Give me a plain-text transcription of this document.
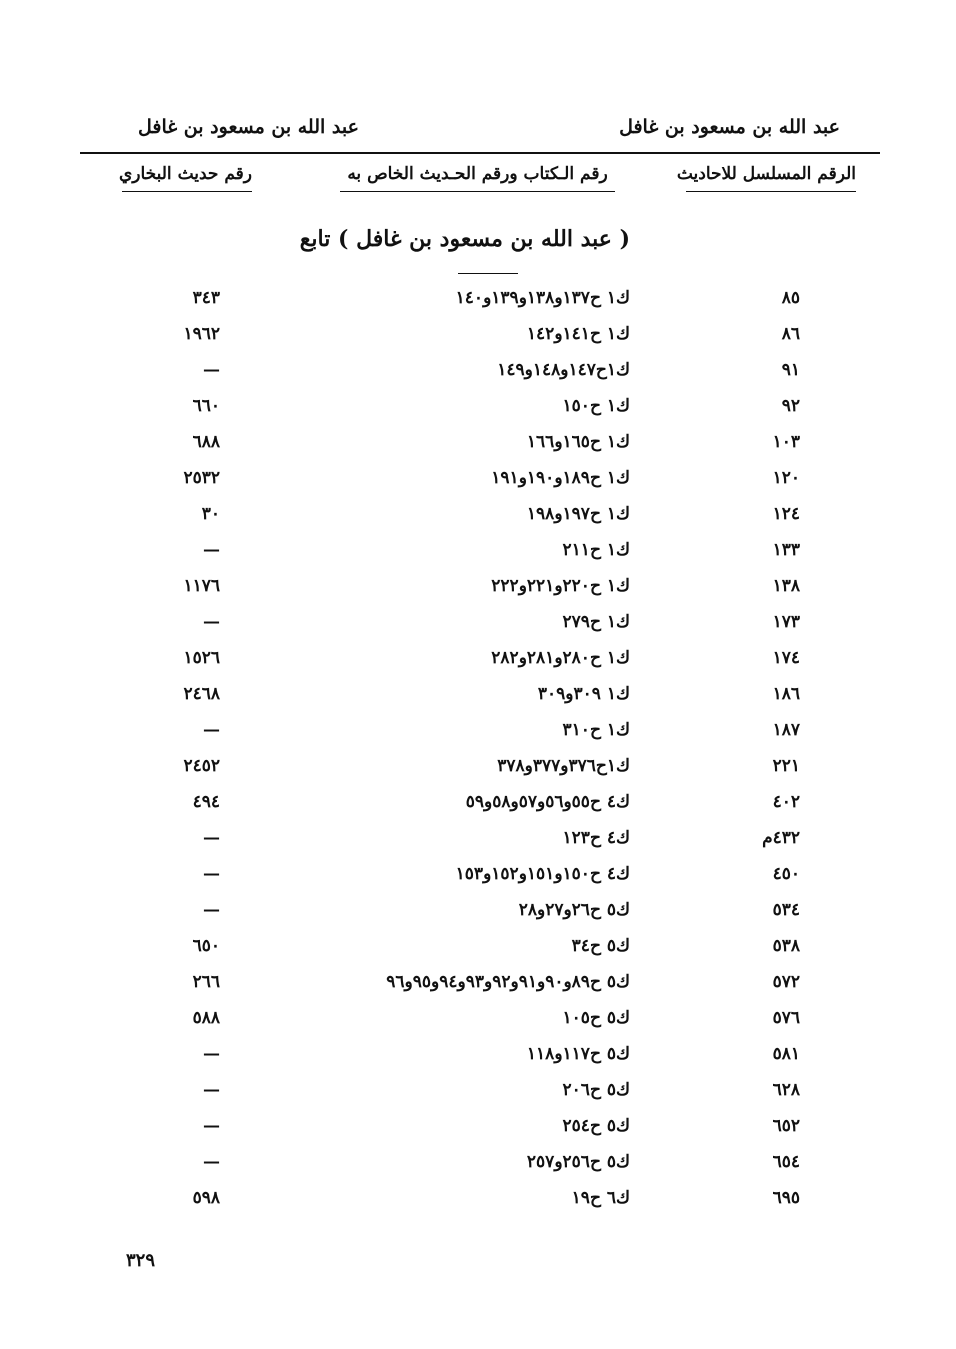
عبد الله بن مسعود بن غافل
عبد الله بن مسعود بن غافل
الرقم المسلسل للاحاديث
رقم الـكتاب ورقم الحـديث الخاص به
رقم حديث البخاري
( عبد الله بن مسعود بن غافل ) تابع
٨٥
ك١ ح١٣٧و١٣٨و١٣٩و١٤٠
٣٤٣
٨٦
ك١ ح١٤١و١٤٢
١٩٦٢
٩١
ك١ح١٤٧و١٤٨و١٤٩
—
٩٢
ك١ ح١٥٠
٦٦٠
١٠٣
ك١ ح١٦٥و١٦٦
٦٨٨
١٢٠
ك١ ح١٨٩و١٩٠و١٩١
٢٥٣٢
١٢٤
ك١ ح١٩٧و١٩٨
٣٠
١٣٣
ك١ ح٢١١
—
١٣٨
ك١ ح٢٢٠و٢٢١و٢٢٢
١١٧٦
١٧٣
ك١ ح٢٧٩
—
١٧٤
ك١ ح٢٨٠و٢٨١و٢٨٢
١٥٢٦
١٨٦
ك١ ٣٠٩و٣٠٩
٢٤٦٨
١٨٧
ك١ ح٣١٠
—
٢٢١
ك١ح٣٧٦و٣٧٧و٣٧٨
٢٤٥٢
٤٠٢
ك٤ ح٥٥و٥٦و٥٧و٥٨و٥٩
٤٩٤
٤٣٢م
ك٤ ح١٢٣
—
٤٥٠
ك٤ ح١٥٠و١٥١و١٥٢و١٥٣
—
٥٣٤
ك٥ ح٢٦و٢٧و٢٨
—
٥٣٨
ك٥ ح٣٤
٦٥٠
٥٧٢
ك٥ ح٨٩و٩٠و٩١و٩٢و٩٣و٩٤و٩٥و٩٦
٢٦٦
٥٧٦
ك٥ ح١٠٥
٥٨٨
٥٨١
ك٥ ح١١٧و١١٨
—
٦٢٨
ك٥ ح٢٠٦
—
٦٥٢
ك٥ ح٢٥٤
—
٦٥٤
ك٥ ح٢٥٦و٢٥٧
—
٦٩٥
ك٦ ح١٩
٥٩٨
٣٢٩
